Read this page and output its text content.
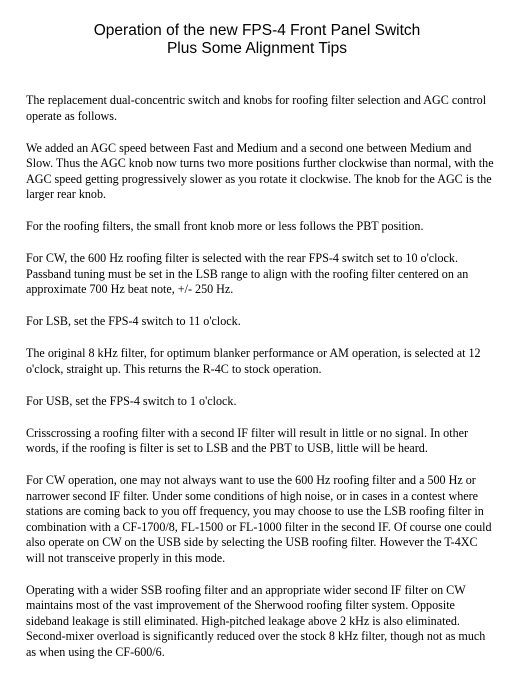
Operation of the new FPS-4 Front Panel Switch
Plus Some Alignment Tips

The replacement dual-concentric switch and knobs for roofing filter selection and AGC control operate as follows.

We added an AGC speed between Fast and Medium and a second one between Medium and Slow. Thus the AGC knob now turns two more positions further clockwise than normal, with the AGC speed getting progressively slower as you rotate it clockwise. The knob for the AGC is the larger rear knob.

For the roofing filters, the small front knob more or less follows the PBT position.

For CW, the 600 Hz roofing filter is selected with the rear FPS-4 switch set to 10 o'clock. Passband tuning must be set in the LSB range to align with the roofing filter centered on an approximate 700 Hz beat note, +/- 250 Hz.

For LSB, set the FPS-4 switch to 11 o'clock.

The original 8 kHz filter, for optimum blanker performance or AM operation, is selected at 12 o'clock, straight up. This returns the R-4C to stock operation.

For USB, set the FPS-4 switch to 1 o'clock.

Crisscrossing a roofing filter with a second IF filter will result in little or no signal. In other words, if the roofing is filter is set to LSB and the PBT to USB, little will be heard.

For CW operation, one may not always want to use the 600 Hz roofing filter and a 500 Hz or narrower second IF filter. Under some conditions of high noise, or in cases in a contest where stations are coming back to you off frequency, you may choose to use the LSB roofing filter in combination with a CF-1700/8, FL-1500 or FL-1000 filter in the second IF. Of course one could also operate on CW on the USB side by selecting the USB roofing filter. However the T-4XC will not transceive properly in this mode.

Operating with a wider SSB roofing filter and an appropriate wider second IF filter on CW maintains most of the vast improvement of the Sherwood roofing filter system. Opposite sideband leakage is still eliminated. High-pitched leakage above 2 kHz is also eliminated. Second-mixer overload is significantly reduced over the stock 8 kHz filter, though not as much as when using the CF-600/6.
